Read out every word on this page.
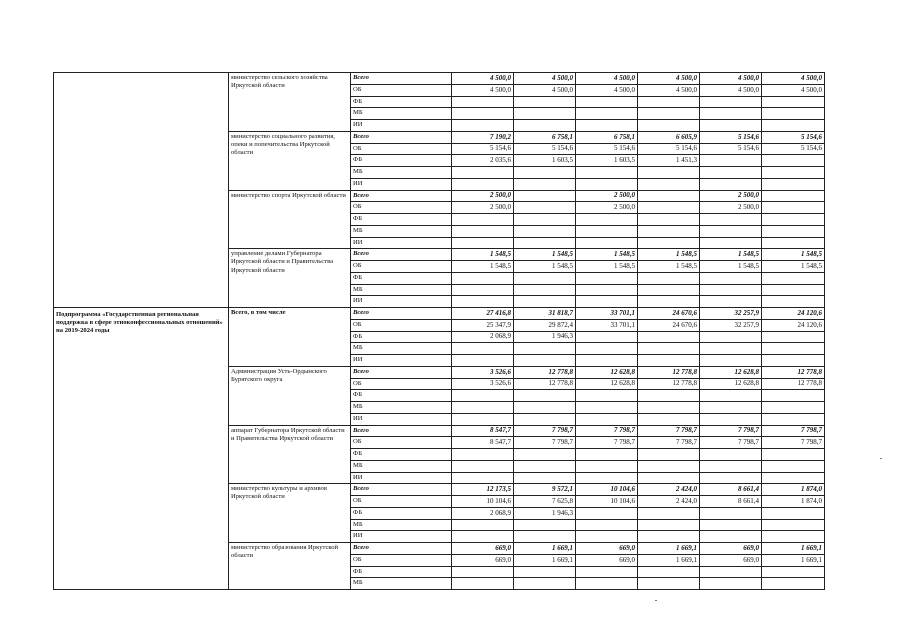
	министерство сельского хозяйства Иркутской области	Всего	4 500,0	4 500,0	4 500,0	4 500,0	4 500,0	4 500,0
		ОБ	4 500,0	4 500,0	4 500,0	4 500,0	4 500,0	4 500,0
		ФБ						
		МБ						
		ИИ						
	министерство социального развития, опеки и попечительства Иркутской области	Всего	7 190,2	6 758,1	6 758,1	6 605,9	5 154,6	5 154,6
		ОБ	5 154,6	5 154,6	5 154,6	5 154,6	5 154,6	5 154,6
		ФБ	2 035,6	1 603,5	1 603,5	1 451,3		
		МБ						
		ИИ						
	министерство спорта Иркутской области	Всего	2 500,0		2 500,0		2 500,0	
		ОБ	2 500,0		2 500,0		2 500,0	
		ФБ						
		МБ						
		ИИ						
	управление делами Губернатора Иркутской области и Правительства Иркутской области	Всего	1 548,5	1 548,5	1 548,5	1 548,5	1 548,5	1 548,5
		ОБ	1 548,5	1 548,5	1 548,5	1 548,5	1 548,5	1 548,5
		ФБ						
		МБ						
		ИИ						
Подпрограмма «Государственная региональная поддержка в сфере этноконфессиональных отношений» на 2019-2024 годы	Всего, в том числе	Всего	27 416,8	31 818,7	33 701,1	24 670,6	32 257,9	24 120,6
		ОБ	25 347,9	29 872,4	33 701,1	24 670,6	32 257,9	24 120,6
		ФБ	2 068,9	1 946,3				
		МБ						
		ИИ						
	Администрация Усть-Ордынского Бурятского округа	Всего	3 526,6	12 778,8	12 628,8	12 778,8	12 628,8	12 778,8
		ОБ	3 526,6	12 778,8	12 628,8	12 778,8	12 628,8	12 778,8
		ФБ						
		МБ						
		ИИ						
	аппарат Губернатора Иркутской области и Правительства Иркутской области	Всего	8 547,7	7 798,7	7 798,7	7 798,7	7 798,7	7 798,7
		ОБ	8 547,7	7 798,7	7 798,7	7 798,7	7 798,7	7 798,7
		ФБ						
		МБ						
		ИИ						
	министерство культуры и архивов Иркутской области	Всего	12 173,5	9 572,1	10 104,6	2 424,0	8 661,4	1 874,0
		ОБ	10 104,6	7 625,8	10 104,6	2 424,0	8 661,4	1 874,0
		ФБ	2 068,9	1 946,3				
		МБ						
		ИИ						
	министерство образования Иркутской области	Всего	669,0	1 669,1	669,0	1 669,1	669,0	1 669,1
		ОБ	669,0	1 669,1	669,0	1 669,1	669,0	1 669,1
		ФБ						
		МБ						
